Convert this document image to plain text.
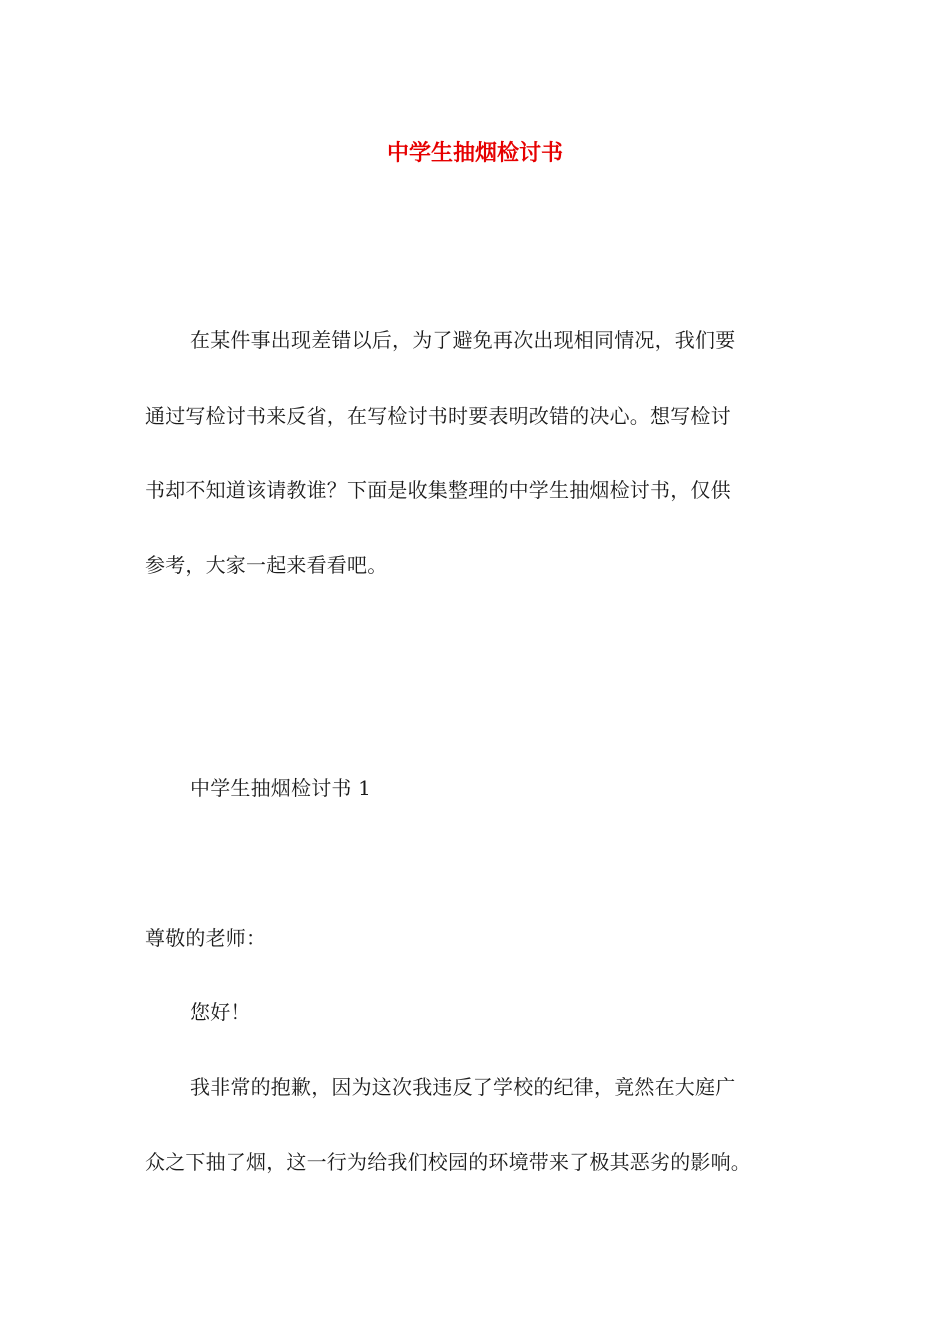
中学生抽烟检讨书
在某件事出现差错以后，为了避免再次出现相同情况，我们要
通过写检讨书来反省，在写检讨书时要表明改错的决心。想写检讨
书却不知道该请教谁？下面是收集整理的中学生抽烟检讨书，仅供
参考，大家一起来看看吧。
中学生抽烟检讨书 1
尊敬的老师：
您好！
我非常的抱歉，因为这次我违反了学校的纪律，竟然在大庭广
众之下抽了烟，这一行为给我们校园的环境带来了极其恶劣的影响。
